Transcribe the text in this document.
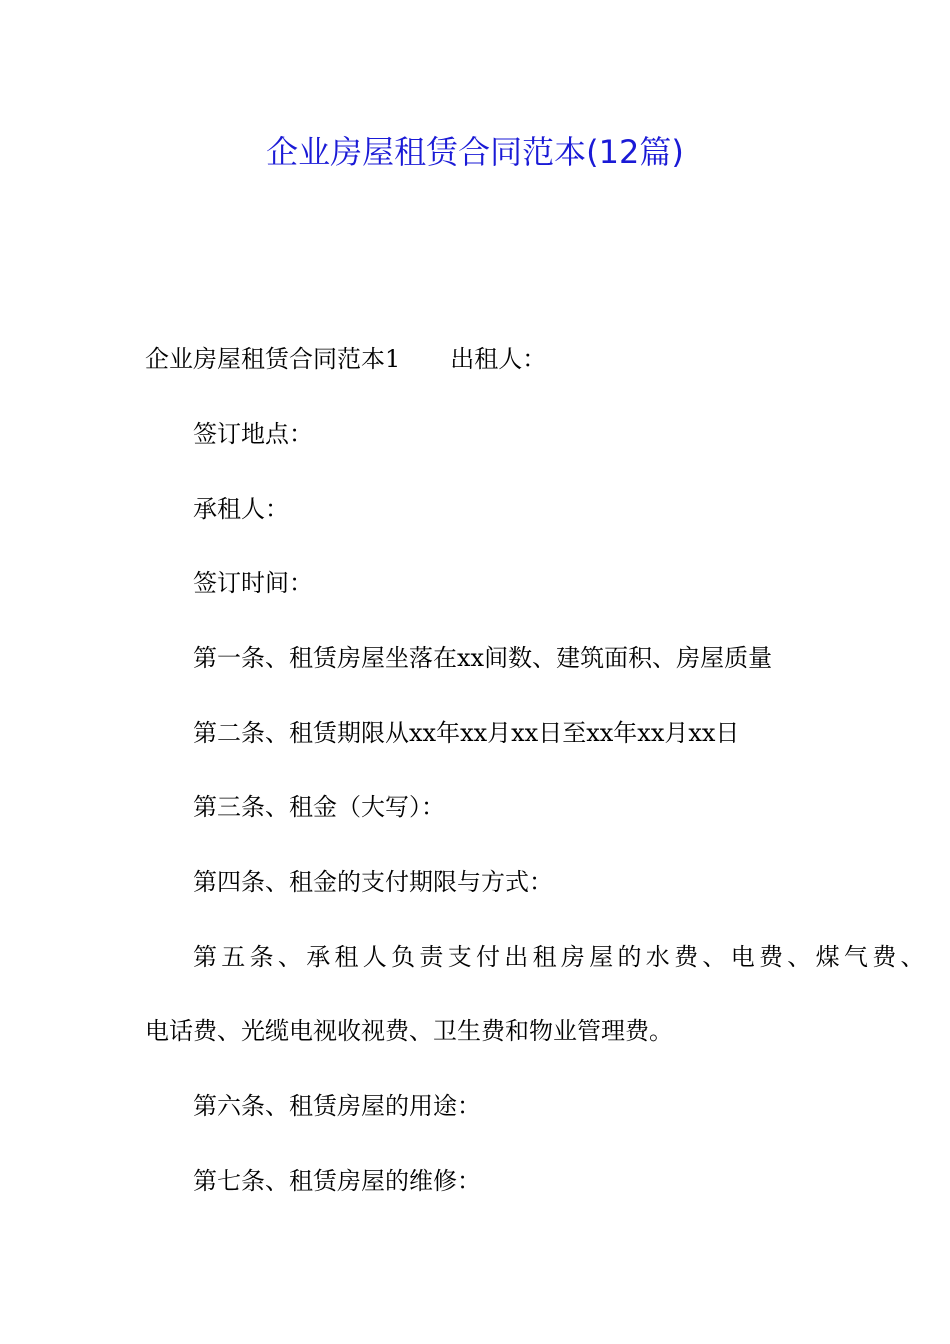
企业房屋租赁合同范本(12篇)
企业房屋租赁合同范本1 出租人：
签订地点：
承租人：
签订时间：
第一条、租赁房屋坐落在xx间数、建筑面积、房屋质量
第二条、租赁期限从xx年xx月xx日至xx年xx月xx日
第三条、租金（大写）：
第四条、租金的支付期限与方式：
第五条、承租人负责支付出租房屋的水费、电费、煤气费、
电话费、光缆电视收视费、卫生费和物业管理费。
第六条、租赁房屋的用途：
第七条、租赁房屋的维修：
